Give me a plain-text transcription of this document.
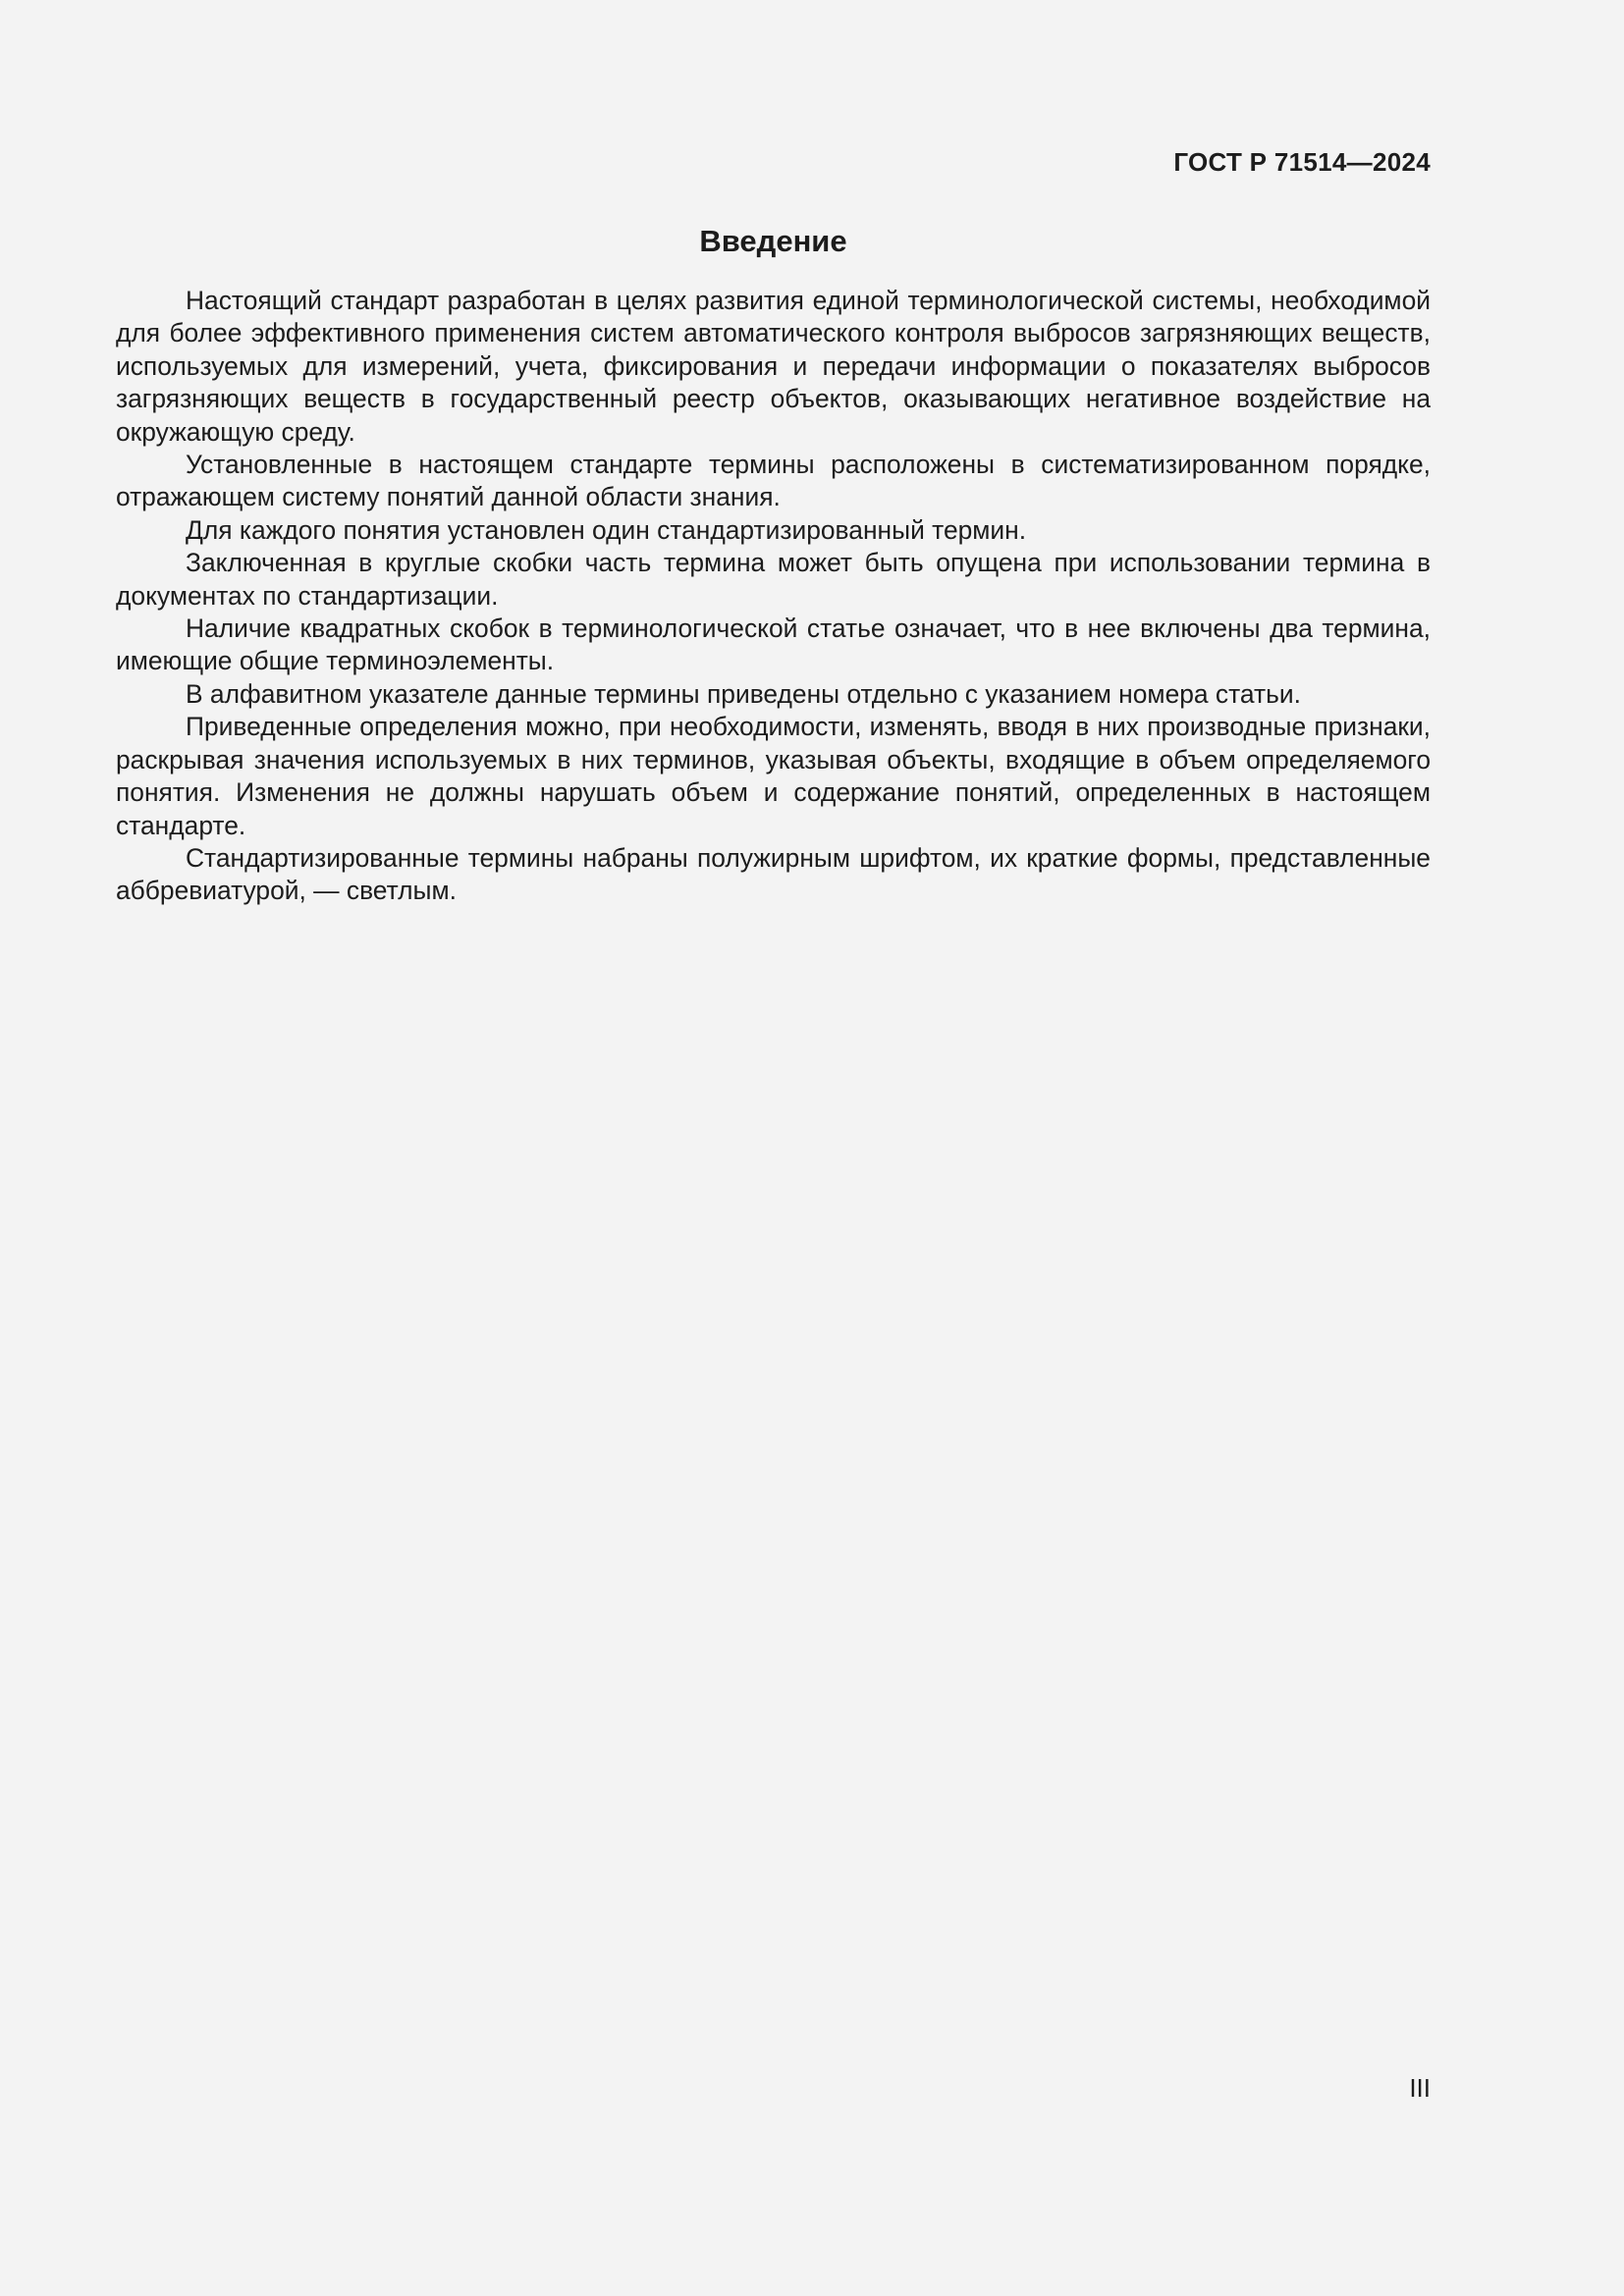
ГОСТ Р 71514—2024
Введение

Настоящий стандарт разработан в целях развития единой терминологической системы, необходимой для более эффективного применения систем автоматического контроля выбросов загрязняющих веществ, используемых для измерений, учета, фиксирования и передачи информации о показателях выбросов загрязняющих веществ в государственный реестр объектов, оказывающих негативное воздействие на окружающую среду.

Установленные в настоящем стандарте термины расположены в систематизированном порядке, отражающем систему понятий данной области знания.

Для каждого понятия установлен один стандартизированный термин.

Заключенная в круглые скобки часть термина может быть опущена при использовании термина в документах по стандартизации.

Наличие квадратных скобок в терминологической статье означает, что в нее включены два термина, имеющие общие терминоэлементы.

В алфавитном указателе данные термины приведены отдельно с указанием номера статьи.

Приведенные определения можно, при необходимости, изменять, вводя в них производные признаки, раскрывая значения используемых в них терминов, указывая объекты, входящие в объем определяемого понятия. Изменения не должны нарушать объем и содержание понятий, определенных в настоящем стандарте.

Стандартизированные термины набраны полужирным шрифтом, их краткие формы, представленные аббревиатурой, — светлым.

III
